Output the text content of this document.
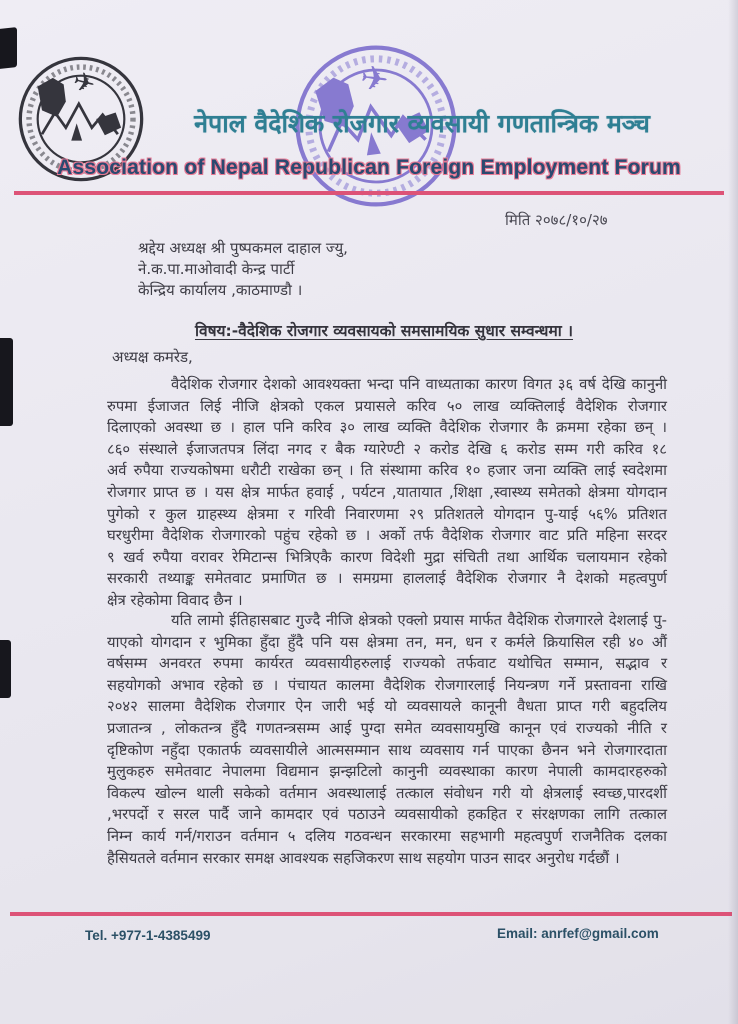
✈	✈
नेपाल वैदेशिक रोजगार व्यवसायी गणतान्त्रिक मञ्च
Association of Nepal Republican Foreign Employment Forum
मिति २०७८/१०/२७
श्रद्देय अध्यक्ष श्री पुष्पकमल दाहाल ज्यु,
ने.क.पा.माओवादी केन्द्र पार्टी
केन्द्रिय कार्यालय ,काठमाण्डौ ।
विषय:-वैदेशिक रोजगार व्यवसायको समसामयिक सुधार सम्वन्धमा ।
अध्यक्ष कमरेड,
वैदेशिक रोजगार देशको आवश्यक्ता भन्दा पनि वाध्यताका कारण विगत ३६ वर्ष देखि कानुनी
रुपमा ईजाजत लिई नीजि क्षेत्रको एकल प्रयासले करिव ५० लाख व्यक्तिलाई वैदेशिक रोजगार
दिलाएको अवस्था छ । हाल पनि करिव ३० लाख व्यक्ति वैदेशिक रोजगार कै क्रममा रहेका छन् ।
८६० संस्थाले ईजाजतपत्र लिंदा नगद र बैक ग्यारेण्टी २ करोड देखि ६ करोड सम्म गरी करिव १८
अर्व रुपैया राज्यकोषमा धरौटी राखेका छन् । ति संस्थामा करिव १० हजार जना व्यक्ति लाई स्वदेशमा
रोजगार प्राप्त छ । यस क्षेत्र मार्फत हवाई , पर्यटन ,यातायात ,शिक्षा ,स्वास्थ्य समेतको क्षेत्रमा योगदान
पुगेको र कुल ग्राहस्थ्य क्षेत्रमा र गरिवी निवारणमा २९ प्रतिशतले योगदान पु-याई ५६% प्रतिशत
घरधुरीमा वैदेशिक रोजगारको पहुंच रहेको छ । अर्को तर्फ वैदेशिक रोजगार वाट प्रति महिना सरदर
९ खर्व रुपैया वरावर रेमिटान्स भित्रिएकै कारण विदेशी मुद्रा संचिती तथा आर्थिक चलायमान रहेको
सरकारी तथ्याङ्क समेतवाट प्रमाणित छ । समग्रमा हाललाई वैदेशिक रोजगार नै देशको महत्वपुर्ण
क्षेत्र रहेकोमा विवाद छैन ।
यति लामो ईतिहासबाट गुज्दै नीजि क्षेत्रको एक्लो प्रयास मार्फत वैदेशिक रोजगारले देशलाई पु-
याएको योगदान र भुमिका हुँदा हुँदै पनि यस क्षेत्रमा तन, मन, धन र कर्मले क्रियासिल रही ४० औं
वर्षसम्म अनवरत रुपमा कार्यरत व्यवसायीहरुलाई राज्यको तर्फवाट यथोचित सम्मान, सद्भाव र
सहयोगको अभाव रहेको छ । पंचायत कालमा वैदेशिक रोजगारलाई नियन्त्रण गर्ने प्रस्तावना राखि
२०४२ सालमा वैदेशिक रोजगार ऐन जारी भई यो व्यवसायले कानूनी वैधता प्राप्त गरी बहुदलिय
प्रजातन्त्र , लोकतन्त्र हुँदै गणतन्त्रसम्म आई पुग्दा समेत व्यवसायमुखि कानून एवं राज्यको नीति र
दृष्टिकोण नहुँदा एकातर्फ व्यवसायीले आत्मसम्मान साथ व्यवसाय गर्न पाएका छैनन भने रोजगारदाता
मुलुकहरु समेतवाट नेपालमा विद्यमान झन्झटिलो कानुनी व्यवस्थाका कारण नेपाली कामदारहरुको
विकल्प खोल्न थाली सकेको वर्तमान अवस्थालाई तत्काल संवोधन गरी यो क्षेत्रलाई स्वच्छ,पारदर्शी
,भरपर्दो र सरल पार्दै जाने कामदार एवं पठाउने व्यवसायीको हकहित र संरक्षणका लागि तत्काल
निम्न कार्य गर्न/गराउन वर्तमान ५ दलिय गठवन्धन सरकारमा सहभागी महत्वपुर्ण राजनैतिक दलका
हैसियतले वर्तमान सरकार समक्ष आवश्यक सहजिकरण साथ सहयोग पाउन सादर अनुरोध गर्दछौं ।
Tel. +977-1-4385499	Email: anrfef@gmail.com
